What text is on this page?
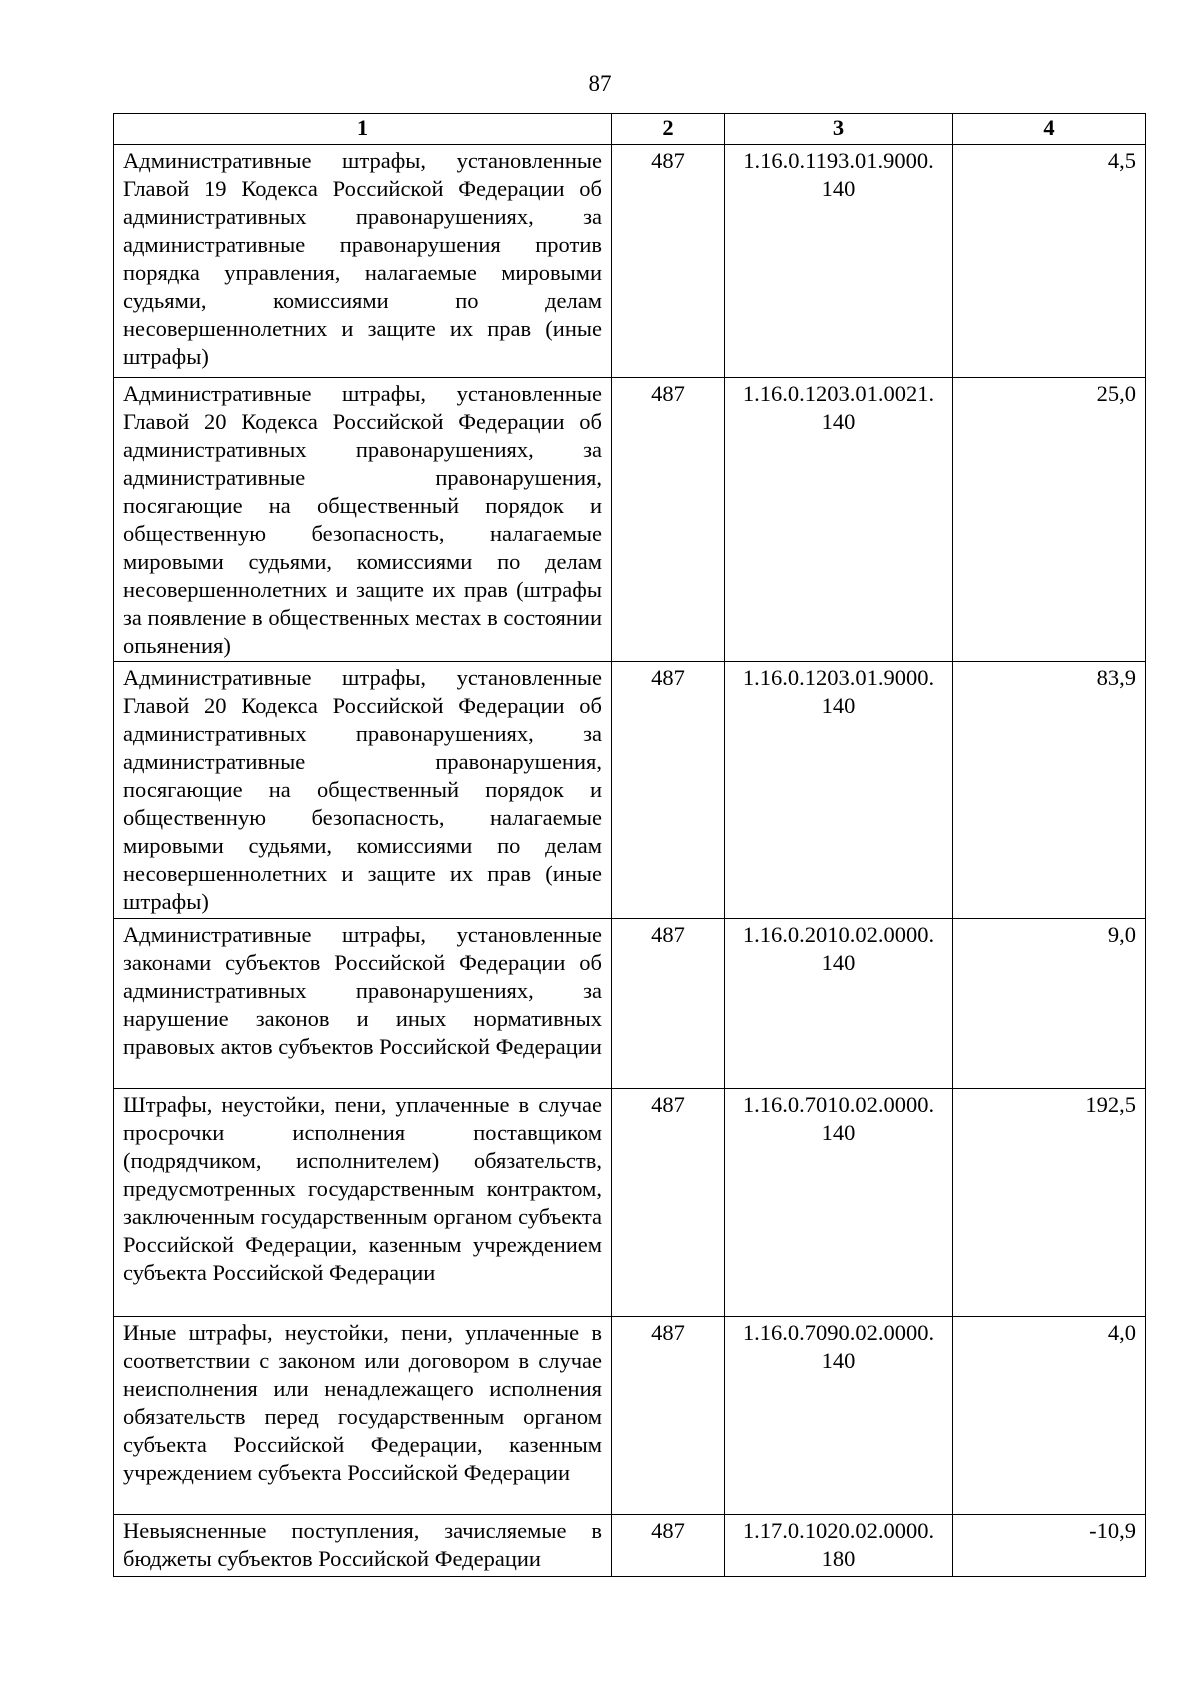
87
1	2	3	4
Административные штрафы, установленные Главой 19 Кодекса Российской Федерации об административных правонарушениях, за административные правонарушения против порядка управления, налагаемые мировыми судьями, комиссиями по делам несовершеннолетних и защите их прав (иные штрафы)	487	1.16.0.1193.01.9000. 140	4,5
Административные штрафы, установленные Главой 20 Кодекса Российской Федерации об административных правонарушениях, за административные правонарушения, посягающие на общественный порядок и общественную безопасность, налагаемые мировыми судьями, комиссиями по делам несовершеннолетних и защите их прав (штрафы за появление в общественных местах в состоянии опьянения)	487	1.16.0.1203.01.0021. 140	25,0
Административные штрафы, установленные Главой 20 Кодекса Российской Федерации об административных правонарушениях, за административные правонарушения, посягающие на общественный порядок и общественную безопасность, налагаемые мировыми судьями, комиссиями по делам несовершеннолетних и защите их прав (иные штрафы)	487	1.16.0.1203.01.9000. 140	83,9
Административные штрафы, установленные законами субъектов Российской Федерации об административных правонарушениях, за нарушение законов и иных нормативных правовых актов субъектов Российской Федерации	487	1.16.0.2010.02.0000. 140	9,0
Штрафы, неустойки, пени, уплаченные в случае просрочки исполнения поставщиком (подрядчиком, исполнителем) обязательств, предусмотренных государственным контрактом, заключенным государственным органом субъекта Российской Федерации, казенным учреждением субъекта Российской Федерации	487	1.16.0.7010.02.0000. 140	192,5
Иные штрафы, неустойки, пени, уплаченные в соответствии с законом или договором в случае неисполнения или ненадлежащего исполнения обязательств перед государственным органом субъекта Российской Федерации, казенным учреждением субъекта Российской Федерации	487	1.16.0.7090.02.0000. 140	4,0
Невыясненные поступления, зачисляемые в бюджеты субъектов Российской Федерации	487	1.17.0.1020.02.0000. 180	-10,9
